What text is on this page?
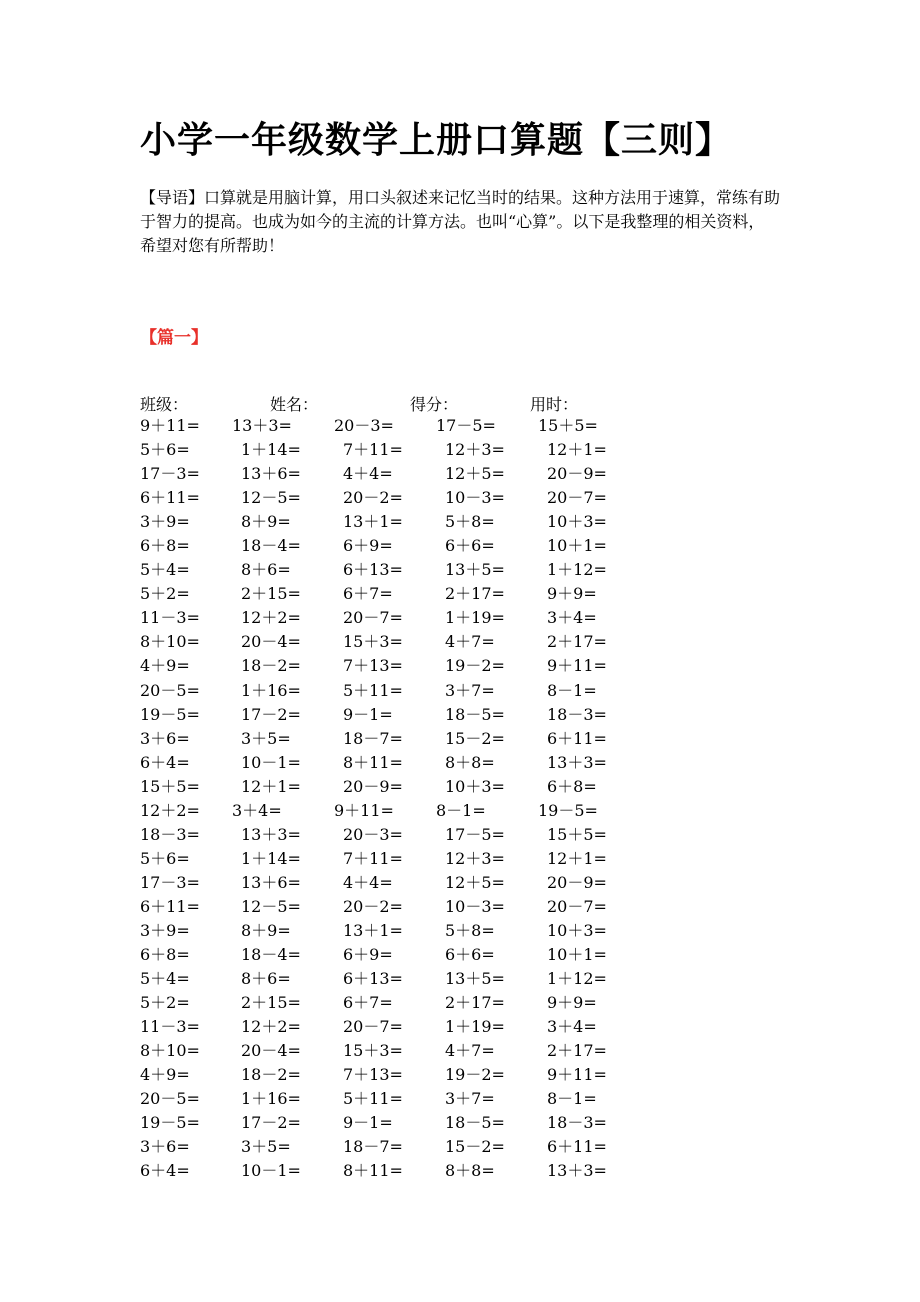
小学一年级数学上册口算题【三则】

【导语】口算就是用脑计算，用口头叙述来记忆当时的结果。这种方法用于速算，常练有助于智力的提高。也成为如今的主流的计算方法。也叫“心算”。以下是我整理的相关资料，希望对您有所帮助！

【篇一】
班级：	姓名：	得分：	用时：
9＋11= 13＋3=	20－3=	17－5=	15＋5=
5＋6=	1＋14=	7＋11=	12＋3=	12＋1=
17－3=	13＋6=	4＋4=	12＋5=	20－9=
6＋11=	12－5=	20－2=	10－3=	20－7=
3＋9=	8＋9=	13＋1=	5＋8=	10＋3=
6＋8=	18－4=	6＋9=	6＋6=	10＋1=
5＋4=	8＋6=	6＋13=	13＋5=	1＋12=
5＋2=	2＋15=	6＋7=	2＋17=	9＋9=
11－3=	12＋2=	20－7=	1＋19=	3＋4=
8＋10=	20－4=	15＋3=	4＋7=	2＋17=
4＋9=	18－2=	7＋13=	19－2=	9＋11=
20－5=	1＋16=	5＋11=	3＋7=	8－1=
19－5=	17－2=	9－1=	18－5=	18－3=
3＋6=	3＋5=	18－7=	15－2=	6＋11=
6＋4=	10－1=	8＋11=	8＋8=	13＋3=
15＋5=	12＋1=	20－9=	10＋3=	6＋8=
12＋2= 3＋4=	9＋11=	8－1=	19－5=
18－3=	13＋3=	20－3=	17－5=	15＋5=
5＋6=	1＋14=	7＋11=	12＋3=	12＋1=
17－3=	13＋6=	4＋4=	12＋5=	20－9=
6＋11=	12－5=	20－2=	10－3=	20－7=
3＋9=	8＋9=	13＋1=	5＋8=	10＋3=
6＋8=	18－4=	6＋9=	6＋6=	10＋1=
5＋4=	8＋6=	6＋13=	13＋5=	1＋12=
5＋2=	2＋15=	6＋7=	2＋17=	9＋9=
11－3=	12＋2=	20－7=	1＋19=	3＋4=
8＋10=	20－4=	15＋3=	4＋7=	2＋17=
4＋9=	18－2=	7＋13=	19－2=	9＋11=
20－5=	1＋16=	5＋11=	3＋7=	8－1=
19－5=	17－2=	9－1=	18－5=	18－3=
3＋6=	3＋5=	18－7=	15－2=	6＋11=
6＋4=	10－1=	8＋11=	8＋8=	13＋3=
